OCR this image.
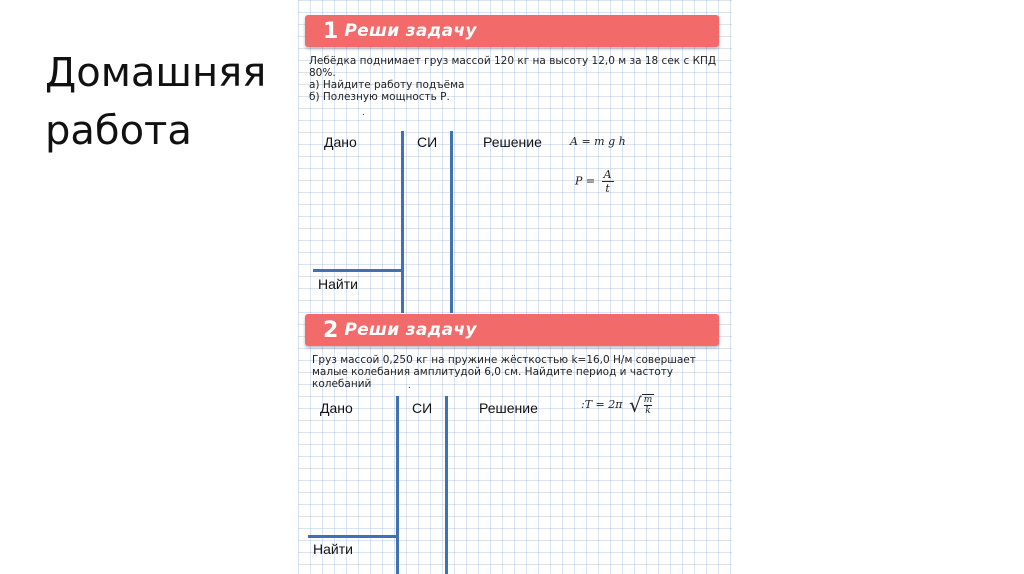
Домашняя работа
1 Реши задачу
Лебёдка поднимает груз массой 120 кг на высоту 12,0 м за 18 сек с КПД
80%.
а) Найдите работу подъёма
б) Полезную мощность Р.
.
Дано	СИ	Решение	A = m g h
$P = \frac{A}{t}$
Найти
2 Реши задачу
Груз массой 0,250 кг на пружине жёсткостью k=16,0 Н/м совершает
малые колебания амплитудой 6,0 см. Найдите период и частоту
колебаний	.
Дано	СИ	Решение	:T = 2π √ $\frac{m}{k}$
Найти
